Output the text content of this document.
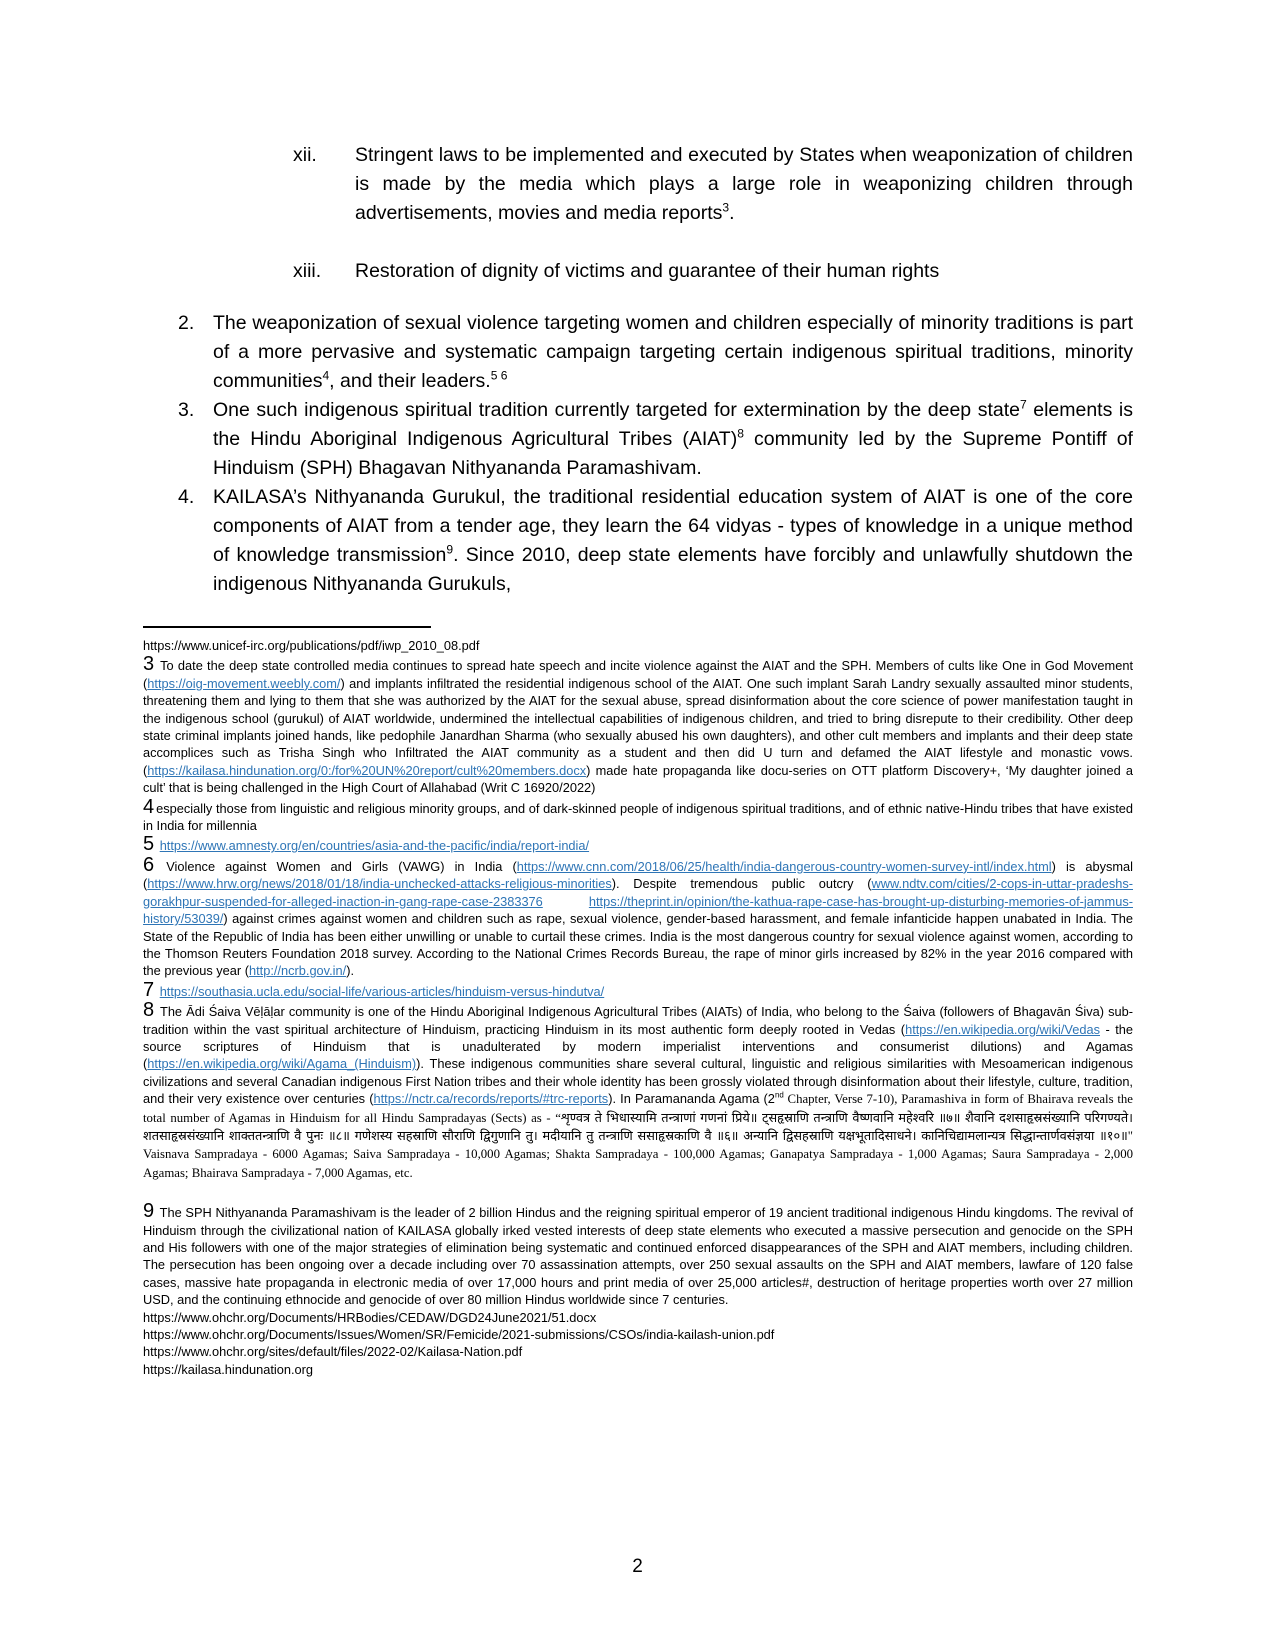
xii.	Stringent laws to be implemented and executed by States when weaponization of children is made by the media which plays a large role in weaponizing children through advertisements, movies and media reports$^3$.
xiii.	Restoration of dignity of victims and guarantee of their human rights
2. The weaponization of sexual violence targeting women and children especially of minority traditions is part of a more pervasive and systematic campaign targeting certain indigenous spiritual traditions, minority communities$^4$, and their leaders.$^{5 6}$
3. One such indigenous spiritual tradition currently targeted for extermination by the deep state$^7$ elements is the Hindu Aboriginal Indigenous Agricultural Tribes (AIAT)$^8$ community led by the Supreme Pontiff of Hinduism (SPH) Bhagavan Nithyananda Paramashivam.
4. KAILASA’s Nithyananda Gurukul, the traditional residential education system of AIAT is one of the core components of AIAT from a tender age, they learn the 64 vidyas - types of knowledge in a unique method of knowledge transmission$^9$. Since 2010, deep state elements have forcibly and unlawfully shutdown the indigenous Nithyananda Gurukuls,
https://www.unicef-irc.org/publications/pdf/iwp_2010_08.pdf
3 To date the deep state controlled media continues to spread hate speech and incite violence against the AIAT and the SPH. Members of cults like One in God Movement (https://oig-movement.weebly.com/) and implants infiltrated the residential indigenous school of the AIAT. One such implant Sarah Landry sexually assaulted minor students, threatening them and lying to them that she was authorized by the AIAT for the sexual abuse, spread disinformation about the core science of power manifestation taught in the indigenous school (gurukul) of AIAT worldwide, undermined the intellectual capabilities of indigenous children, and tried to bring disrepute to their credibility. Other deep state criminal implants joined hands, like pedophile Janardhan Sharma (who sexually abused his own daughters), and other cult members and implants and their deep state accomplices such as Trisha Singh who Infiltrated the AIAT community as a student and then did U turn and defamed the AIAT lifestyle and monastic vows. (https://kailasa.hindunation.org/0:/for%20UN%20report/cult%20members.docx) made hate propaganda like docu-series on OTT platform Discovery+, ‘My daughter joined a cult’ that is being challenged in the High Court of Allahabad (Writ C 16920/2022)
4 especially those from linguistic and religious minority groups, and of dark-skinned people of indigenous spiritual traditions, and of ethnic native-Hindu tribes that have existed in India for millennia
5 https://www.amnesty.org/en/countries/asia-and-the-pacific/india/report-india/
6 Violence against Women and Girls (VAWG) in India (https://www.cnn.com/2018/06/25/health/india-dangerous-country-women-survey-intl/index.html) is abysmal (https://www.hrw.org/news/2018/01/18/india-unchecked-attacks-religious-minorities). Despite tremendous public outcry (www.ndtv.com/cities/2-cops-in-uttar-pradeshs-gorakhpur-suspended-for-alleged-inaction-in-gang-rape-case-2383376	https://theprint.in/opinion/the-kathua-rape-case-has-brought-up-disturbing-memories-of-jammus-history/53039/) against crimes against women and children such as rape, sexual violence, gender-based harassment, and female infanticide happen unabated in India. The State of the Republic of India has been either unwilling or unable to curtail these crimes. India is the most dangerous country for sexual violence against women, according to the Thomson Reuters Foundation 2018 survey. According to the National Crimes Records Bureau, the rape of minor girls increased by 82% in the year 2016 compared with the previous year (http://ncrb.gov.in/).
7 https://southasia.ucla.edu/social-life/various-articles/hinduism-versus-hindutva/
8 The Ādi Śaiva Vēḷāḷar community is one of the Hindu Aboriginal Indigenous Agricultural Tribes (AIATs) of India, who belong to the Śaiva (followers of Bhagavān Śiva) sub-tradition within the vast spiritual architecture of Hinduism, practicing Hinduism in its most authentic form deeply rooted in Vedas (https://en.wikipedia.org/wiki/Vedas - the source scriptures of Hinduism that is unadulterated by modern imperialist interventions and consumerist dilutions) and Agamas (https://en.wikipedia.org/wiki/Agama_(Hinduism)). These indigenous communities share several cultural, linguistic and religious similarities with Mesoamerican indigenous civilizations and several Canadian indigenous First Nation tribes and their whole identity has been grossly violated through disinformation about their lifestyle, culture, tradition, and their very existence over centuries (https://nctr.ca/records/reports/#trc-reports). In Paramananda Agama (2nd Chapter, Verse 7-10), Paramashiva in form of Bhairava reveals the total number of Agamas in Hinduism for all Hindu Sampradayas (Sects) as - “शृण्वत्र ते भिधास्यामि तन्त्राणां गणनां प्रिये॥ ट्सहृस्राणि तन्त्राणि वैष्णवानि महेश्वरि ॥७॥ शैवानि दशसाहृस्रसंख्यानि परिगण्यते। शतसाहृस्रसंख्यानि शाक्ततन्त्राणि वै पुनः ॥८॥ गणेशस्य सहस्राणि सौराणि द्विगुणानि तु। मदीयानि तु तन्त्राणि ससाहृस्रकाणि वै ॥६॥ अन्यानि द्विसहस्राणि यक्षभूतादिसाधने। कानिचिद्यामलान्यत्र सिद्धान्तार्णवसंज्ञया ॥१०॥" Vaisnava Sampradaya - 6000 Agamas; Saiva Sampradaya - 10,000 Agamas; Shakta Sampradaya - 100,000 Agamas; Ganapatya Sampradaya - 1,000 Agamas; Saura Sampradaya - 2,000 Agamas; Bhairava Sampradaya - 7,000 Agamas, etc.
9 The SPH Nithyananda Paramashivam is the leader of 2 billion Hindus and the reigning spiritual emperor of 19 ancient traditional indigenous Hindu kingdoms. The revival of Hinduism through the civilizational nation of KAILASA globally irked vested interests of deep state elements who executed a massive persecution and genocide on the SPH and His followers with one of the major strategies of elimination being systematic and continued enforced disappearances of the SPH and AIAT members, including children. The persecution has been ongoing over a decade including over 70 assassination attempts, over 250 sexual assaults on the SPH and AIAT members, lawfare of 120 false cases, massive hate propaganda in electronic media of over 17,000 hours and print media of over 25,000 articles#, destruction of heritage properties worth over 27 million USD, and the continuing ethnocide and genocide of over 80 million Hindus worldwide since 7 centuries.
https://www.ohchr.org/Documents/HRBodies/CEDAW/DGD24June2021/51.docx
https://www.ohchr.org/Documents/Issues/Women/SR/Femicide/2021-submissions/CSOs/india-kailash-union.pdf
https://www.ohchr.org/sites/default/files/2022-02/Kailasa-Nation.pdf
https://kailasa.hindunation.org
2
